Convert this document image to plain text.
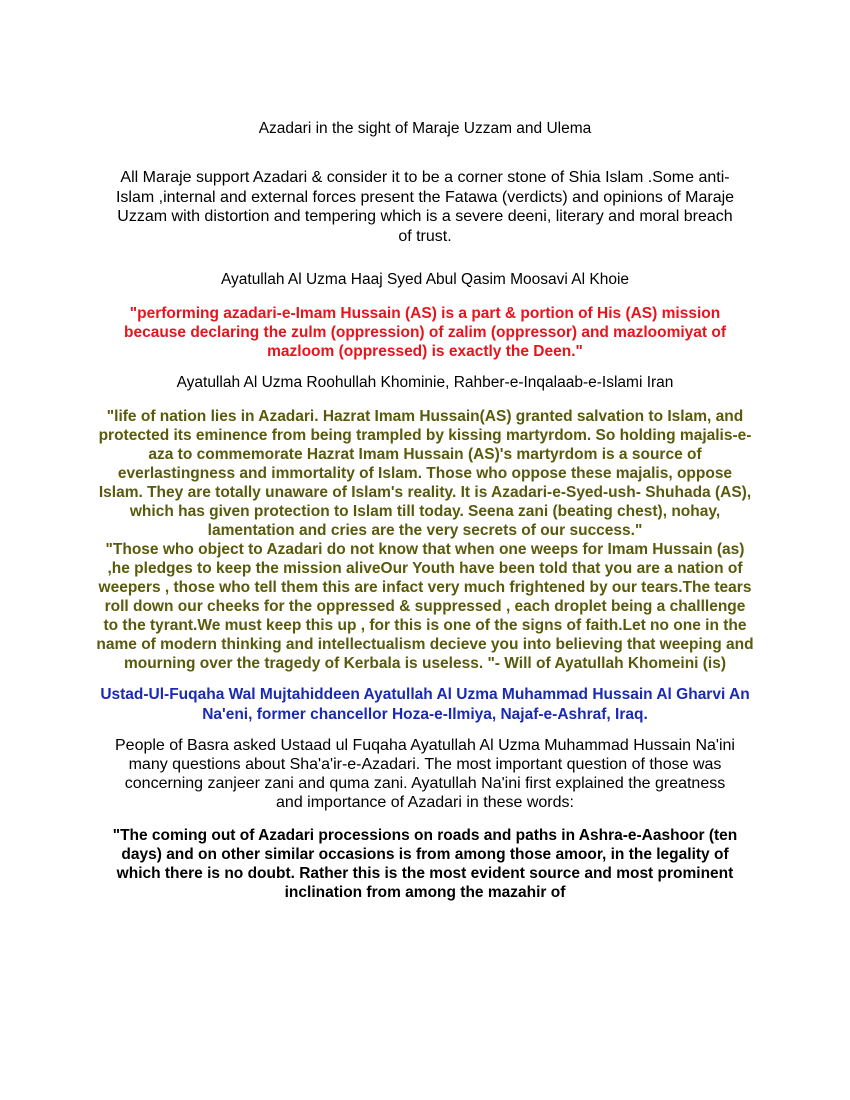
Azadari in the sight of Maraje Uzzam and Ulema
All Maraje support Azadari & consider it to be a corner stone of Shia Islam .Some anti-Islam ,internal and external forces present the Fatawa (verdicts) and opinions of Maraje Uzzam with distortion and tempering which is a severe deeni, literary and moral breach of trust.
Ayatullah Al Uzma Haaj Syed Abul Qasim Moosavi Al Khoie
"performing azadari-e-Imam Hussain (AS) is a part & portion of His (AS) mission because declaring the zulm (oppression) of zalim (oppressor) and mazloomiyat of mazloom (oppressed) is exactly the Deen."
Ayatullah Al Uzma Roohullah Khominie, Rahber-e-Inqalaab-e-Islami Iran

"life of nation lies in Azadari. Hazrat Imam Hussain(AS) granted salvation to Islam, and protected its eminence from being trampled by kissing martyrdom. So holding majalis-e-aza to commemorate Hazrat Imam Hussain (AS)'s martyrdom is a source of everlastingness and immortality of Islam. Those who oppose these majalis, oppose Islam. They are totally unaware of Islam's reality. It is Azadari-e-Syed-ush- Shuhada (AS), which has given protection to Islam till today. Seena zani (beating chest), nohay, lamentation and cries are the very secrets of our success."

"Those who object to Azadari do not know that when one weeps for Imam Hussain (as) ,he pledges to keep the mission aliveOur Youth have been told that you are a nation of weepers , those who tell them this are infact very much frightened by our tears.The tears roll down our cheeks for the oppressed & suppressed , each droplet being a challlenge to the tyrant.We must keep this up , for this is one of the signs of faith.Let no one in the name of modern thinking and intellectualism decieve you into believing that weeping and mourning over the tragedy of Kerbala is useless. "- Will of Ayatullah Khomeini (is)

Ustad-Ul-Fuqaha Wal Mujtahiddeen Ayatullah Al Uzma Muhammad Hussain Al Gharvi An Na'eni, former chancellor Hoza-e-Ilmiya, Najaf-e-Ashraf, Iraq.
People of Basra asked Ustaad ul Fuqaha Ayatullah Al Uzma Muhammad Hussain Na'ini many questions about Sha'a'ir-e-Azadari. The most important question of those was concerning zanjeer zani and quma zani. Ayatullah Na'ini first explained the greatness and importance of Azadari in these words:
"The coming out of Azadari processions on roads and paths in Ashra-e-Aashoor (ten days) and on other similar occasions is from among those amoor, in the legality of which there is no doubt. Rather this is the most evident source and most prominent inclination from among the mazahir of
